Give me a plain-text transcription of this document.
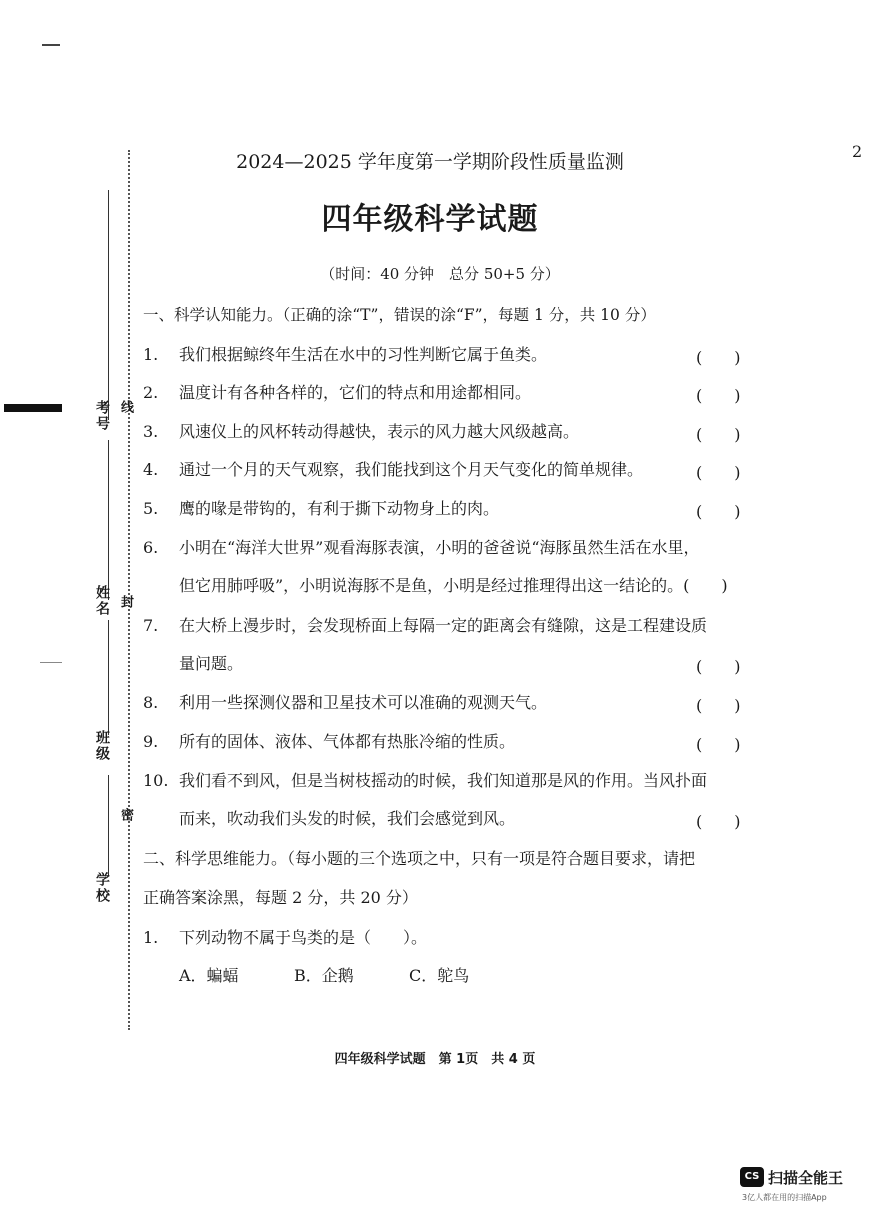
2
考号 线
姓名 封
班级
密
学校
2024—2025 学年度第一学期阶段性质量监测
四年级科学试题
（时间：40 分钟　总分 50+5 分）
一、科学认知能力。（正确的涂“T”，错误的涂“F”，每题 1 分，共 10 分）
1. 我们根据鲸终年生活在水中的习性判断它属于鱼类。	(　　)
2. 温度计有各种各样的，它们的特点和用途都相同。	(　　)
3. 风速仪上的风杯转动得越快，表示的风力越大风级越高。	(　　)
4. 通过一个月的天气观察，我们能找到这个月天气变化的简单规律。	(　　)
5. 鹰的喙是带钩的，有利于撕下动物身上的肉。	(　　)
6. 小明在“海洋大世界”观看海豚表演，小明的爸爸说“海豚虽然生活在水里，
但它用肺呼吸”，小明说海豚不是鱼，小明是经过推理得出这一结论的。(　　)
7. 在大桥上漫步时，会发现桥面上每隔一定的距离会有缝隙，这是工程建设质
量问题。	(　　)
8. 利用一些探测仪器和卫星技术可以准确的观测天气。	(　　)
9. 所有的固体、液体、气体都有热胀冷缩的性质。	(　　)
10. 我们看不到风，但是当树枝摇动的时候，我们知道那是风的作用。当风扑面
而来，吹动我们头发的时候，我们会感觉到风。	(　　)
二、科学思维能力。（每小题的三个选项之中，只有一项是符合题目要求，请把
正确答案涂黑，每题 2 分，共 20 分）
1. 下列动物不属于鸟类的是（　　）。
A．蝙蝠	B．企鹅	C．鸵鸟
四年级科学试题　第 1页　共 4 页
CS 扫描全能王
3亿人都在用的扫描App
